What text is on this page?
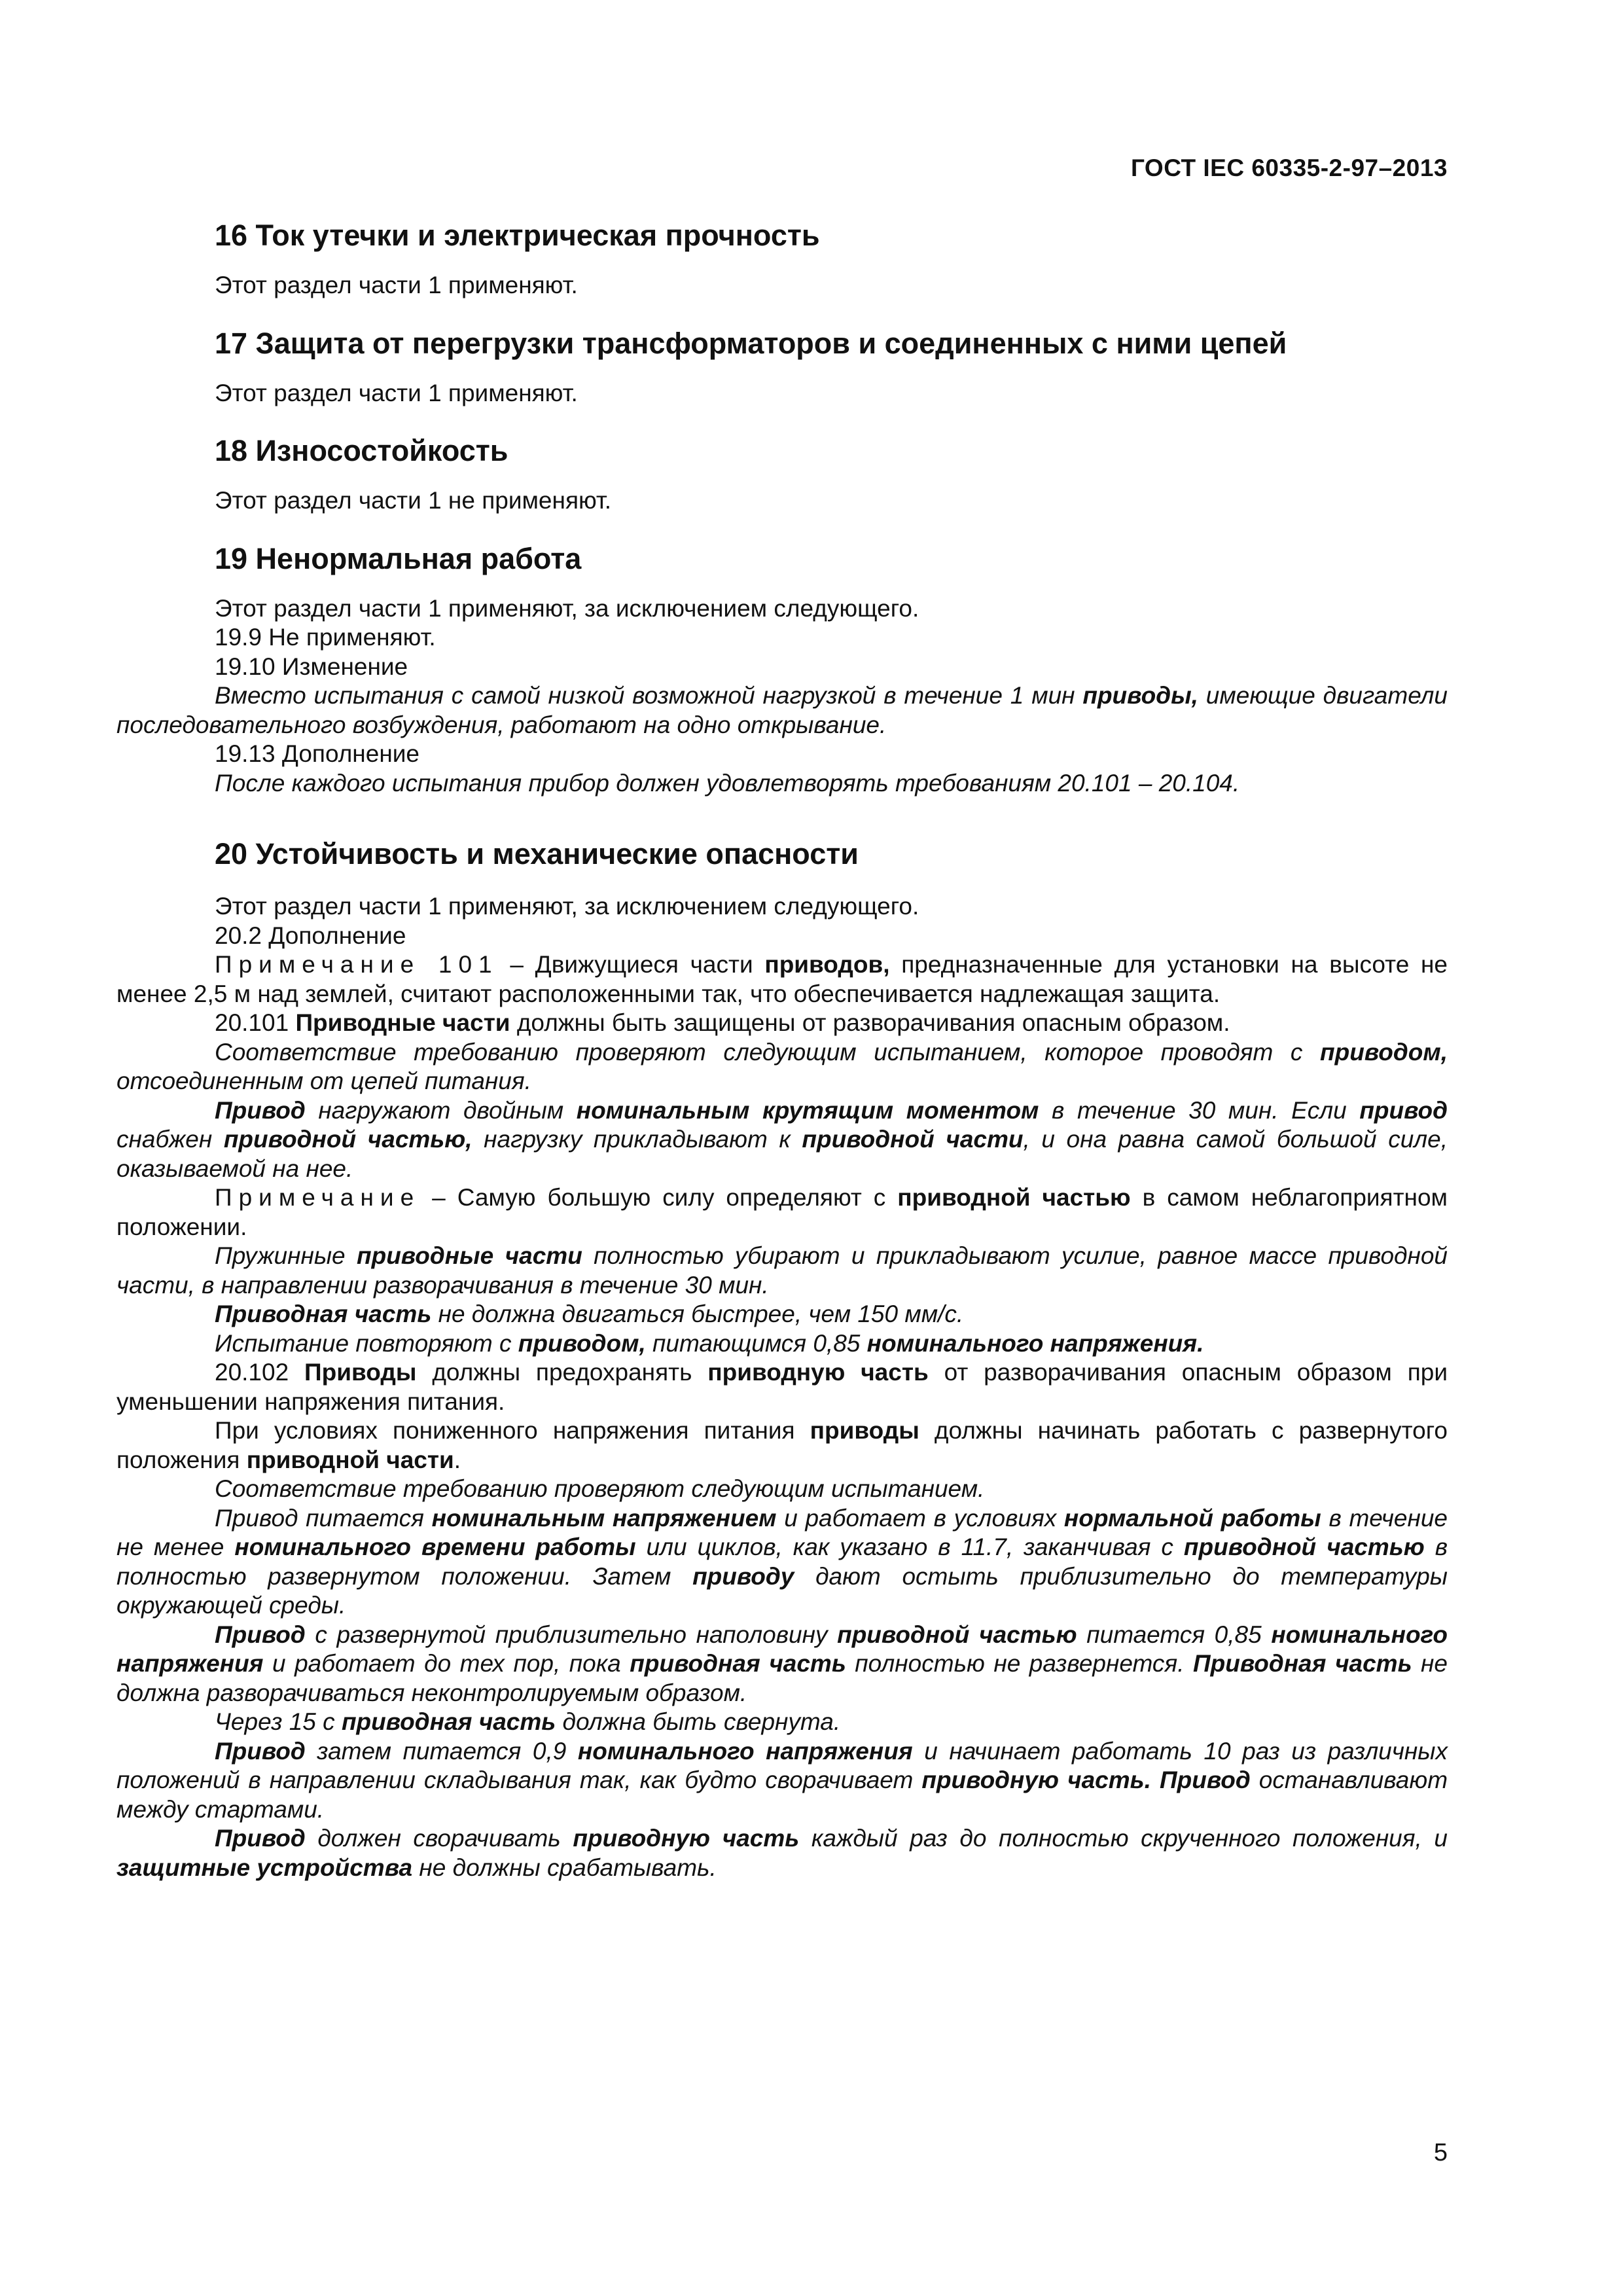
ГОСТ IEC 60335-2-97–2013
16 Ток утечки и электрическая прочность

Этот раздел части 1 применяют.

17 Защита от перегрузки трансформаторов и соединенных с ними цепей

Этот раздел части 1 применяют.

18 Износостойкость

Этот раздел части 1 не применяют.

19 Ненормальная работа

Этот раздел части 1 применяют, за исключением следующего.

19.9 Не применяют.

19.10 Изменение

Вместо испытания с самой низкой возможной нагрузкой в течение 1 мин приводы, имеющие двигатели последовательного возбуждения, работают на одно открывание.

19.13 Дополнение

После каждого испытания прибор должен удовлетворять требованиям 20.101 – 20.104.

20 Устойчивость и механические опасности

Этот раздел части 1 применяют, за исключением следующего.

20.2 Дополнение

Примечание 101 – Движущиеся части приводов, предназначенные для установки на высоте не менее 2,5 м над землей, считают расположенными так, что обеспечивается надлежащая защита.

20.101 Приводные части должны быть защищены от разворачивания опасным образом.

Соответствие требованию проверяют следующим испытанием, которое проводят с приводом, отсоединенным от цепей питания.

Привод нагружают двойным номинальным крутящим моментом в течение 30 мин. Если привод снабжен приводной частью, нагрузку прикладывают к приводной части, и она равна самой большой силе, оказываемой на нее.

Примечание – Самую большую силу определяют с приводной частью в самом неблагоприятном положении.

Пружинные приводные части полностью убирают и прикладывают усилие, равное массе приводной части, в направлении разворачивания в течение 30 мин.

Приводная часть не должна двигаться быстрее, чем 150 мм/с.

Испытание повторяют с приводом, питающимся 0,85 номинального напряжения.

20.102 Приводы должны предохранять приводную часть от разворачивания опасным образом при уменьшении напряжения питания.

При условиях пониженного напряжения питания приводы должны начинать работать с развернутого положения приводной части.

Соответствие требованию проверяют следующим испытанием.

Привод питается номинальным напряжением и работает в условиях нормальной работы в течение не менее номинального времени работы или циклов, как указано в 11.7, заканчивая с приводной частью в полностью развернутом положении. Затем приводу дают остыть приблизительно до температуры окружающей среды.

Привод с развернутой приблизительно наполовину приводной частью питается 0,85 номинального напряжения и работает до тех пор, пока приводная часть полностью не развернется. Приводная часть не должна разворачиваться неконтролируемым образом.

Через 15 с приводная часть должна быть свернута.

Привод затем питается 0,9 номинального напряжения и начинает работать 10 раз из различных положений в направлении складывания так, как будто сворачивает приводную часть. Привод останавливают между стартами.

Привод должен сворачивать приводную часть каждый раз до полностью скрученного положения, и защитные устройства не должны срабатывать.

5
